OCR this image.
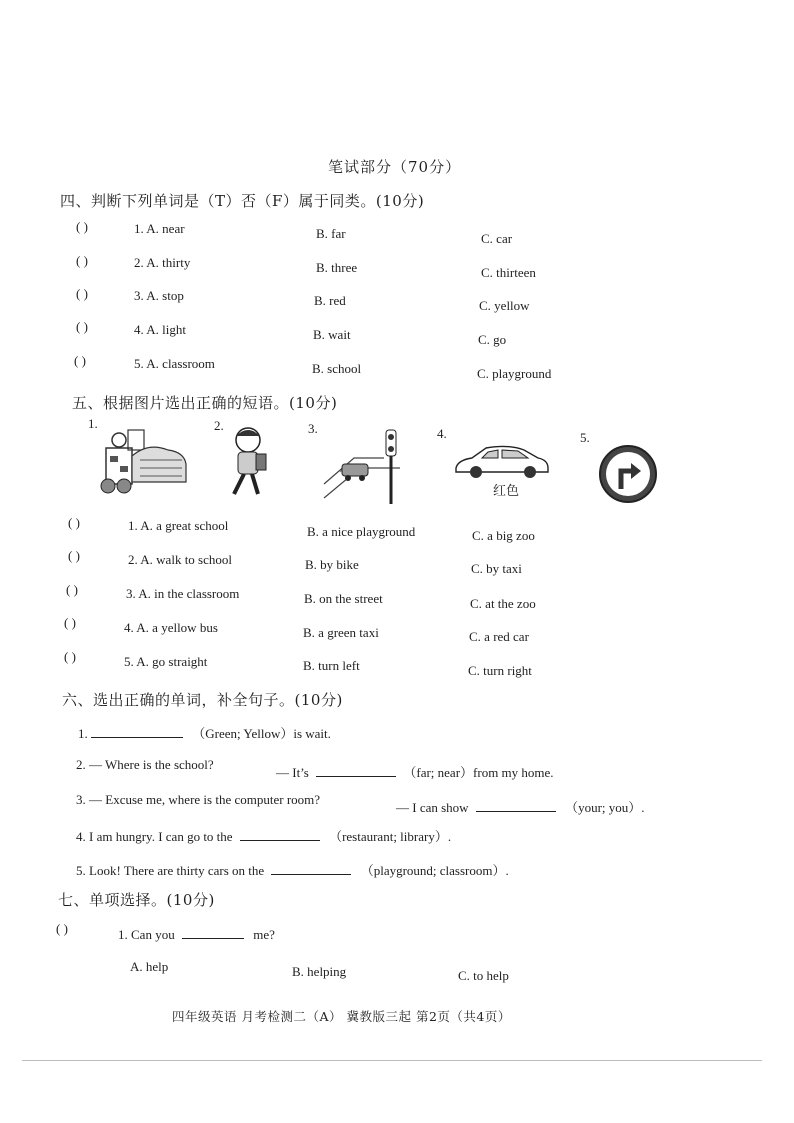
笔试部分（70分）
四、判断下列单词是（T）否（F）属于同类。(10分)
( )	1. A. near	B. far	C. car
( )	2. A. thirty	B. three	C. thirteen
( )	3. A. stop	B. red	C. yellow
( )	4. A. light	B. wait	C. go
( )	5. A. classroom	B. school	C. playground
五、根据图片选出正确的短语。(10分)
1.	2.	3.	4.
红色
5.
( )	1. A. a great school	B. a nice playground	C. a big zoo
( )	2. A. walk to school	B. by bike	C. by taxi
( )	3. A. in the classroom	B. on the street	C. at the zoo
( )	4. A. a yellow bus	B. a green taxi	C. a red car
( )	5. A. go straight	B. turn left	C. turn right
六、选出正确的单词，补全句子。(10分)
1.	（Green; Yellow）is wait.
2. — Where is the school?
— It’s	（far; near）from my home.
3. — Excuse me, where is the computer room?
— I can show	（your; you）.
4. I am hungry. I can go to the	（restaurant; library）.
5. Look! There are thirty cars on the	（playground; classroom）.
七、单项选择。(10分)
( )	1. Can you	me?
A. help	B. helping	C. to help
四年级英语 月考检测二（A） 冀教版三起 第2页（共4页）
